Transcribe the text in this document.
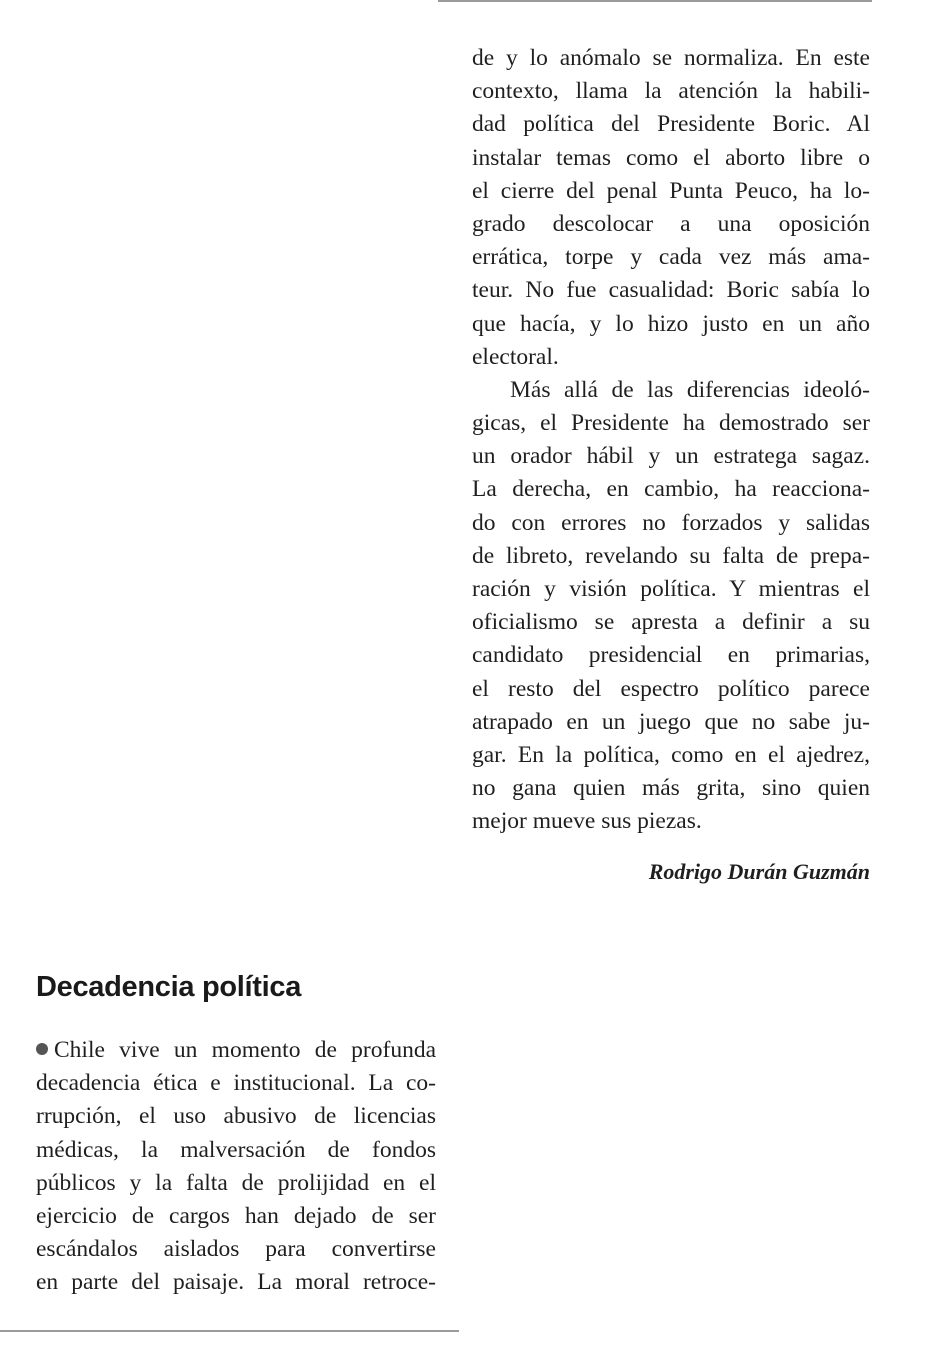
de y lo anómalo se normaliza. En este
contexto, llama la atención la habili-
dad política del Presidente Boric. Al
instalar temas como el aborto libre o
el cierre del penal Punta Peuco, ha lo-
grado descolocar a una oposición
errática, torpe y cada vez más ama-
teur. No fue casualidad: Boric sabía lo
que hacía, y lo hizo justo en un año
electoral.

Más allá de las diferencias ideoló-
gicas, el Presidente ha demostrado ser
un orador hábil y un estratega sagaz.
La derecha, en cambio, ha reacciona-
do con errores no forzados y salidas
de libreto, revelando su falta de prepa-
ración y visión política. Y mientras el
oficialismo se apresta a definir a su
candidato presidencial en primarias,
el resto del espectro político parece
atrapado en un juego que no sabe ju-
gar. En la política, como en el ajedrez,
no gana quien más grita, sino quien
mejor mueve sus piezas.

Rodrigo Durán Guzmán
Decadencia política

Chile vive un momento de profunda
decadencia ética e institucional. La co-
rrupción, el uso abusivo de licencias
médicas, la malversación de fondos
públicos y la falta de prolijidad en el
ejercicio de cargos han dejado de ser
escándalos aislados para convertirse
en parte del paisaje. La moral retroce-
